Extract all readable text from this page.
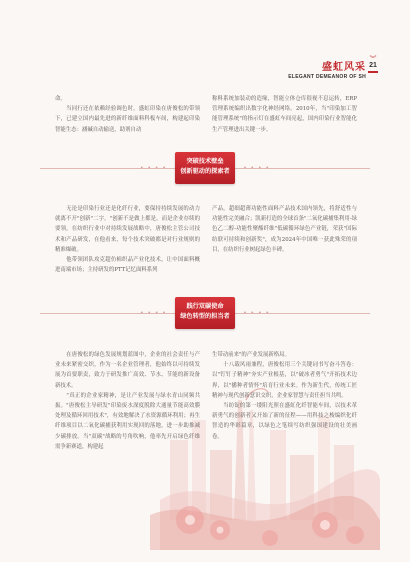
盛虹风采
ELEGANT DEMEANOR OF SH
︾
21
命。
　　当同行还在依赖经验调色时，盛虹印染在唐俊松的带领下，已建立国内最先进的新纤维面料科板车间，构建起印染智能生态：涵碱自动输送，助剂自动
称料系统加装动的造缘，智能立体仓库很视不息运转，ERP管理系统编织出数字化神经网络。2010年，当"印染加工智能管理系统"的指示灯在盛虹车间亮起，国内印染行业智能化生产管理进出关键一步。
• • • •	• • • •
突破技术壁垒
创新驱动的探索者
　　无论是印染行业还是化纤行业，要保持持续发展的动力就离不开"创新"二字。"创新不是做上都是，而是企业存续的要领，在纺织行业中对持续发展战略中，唐俊松主管公司技术和产品研发，在他看来，每个技术突破都是对行业规则的精准爆破。
　　他带领团队攻克超仿棉织品产业化技术，让中国面料概进南端市场；主持研发的PTT记忆面料系列
产品，超细超薄功能性面料产品技术国内领先，将舒适性与功能性完美融合；凯新打造的全球首条"二氧化碳捕集利用-绿色乙二醇-功能性聚酯纤维"低碳循环绿色产业链，荣获"国际纺联可持续和创新奖"，成为2024年中国唯一获此殊荣的项目，在纺织行业树起绿色丰碑。
• • • •	• • • •
践行双碳使命
绿色转型的担当者
　　在唐俊松的绿色发展规划蓝图中，企业的社会责任与产业未来紧密交织，作为一名企业管理者，他始终以可持续发展为首要职责，致力于研发推广高效、节水、节能的新设备新技术。
　　"真正的企业家精神，是让产业发展与绿水青山同频共振。"唐俊松主导研发"印染废水深度脱除大通量节能高效膜处理及循环回用技术"，有效地解决了水资源循环利用；再生纤维项目以二氧化碳捕获利用实现回的落地，进一步助推减少碳排放。当"双碳"战略的号角吹响，他率先开启绿色纤维需争新赛道，构建起
生带动前来"的产业发展新格局。
　　十八载风雨兼程，唐俊松用三个关键词书写奋斗答卷：以"钉钉子精神"夯实产业根基，以"破冰者勇气"开拓技术边界，以"播种者情怀"培育行业未来。作为新生代，传统工匠精神与现代创新意识交织，企业家智慧与责任担当共鸣。
　　当纺锭的第一缕阳光照在盛虹化纤智能车间，以技术革新勇气的创新者又开始了新的征程——用科技之梭编织化纤智造的华彩篇章，以绿色之笔续写纺织强国建设的壮美画卷。
